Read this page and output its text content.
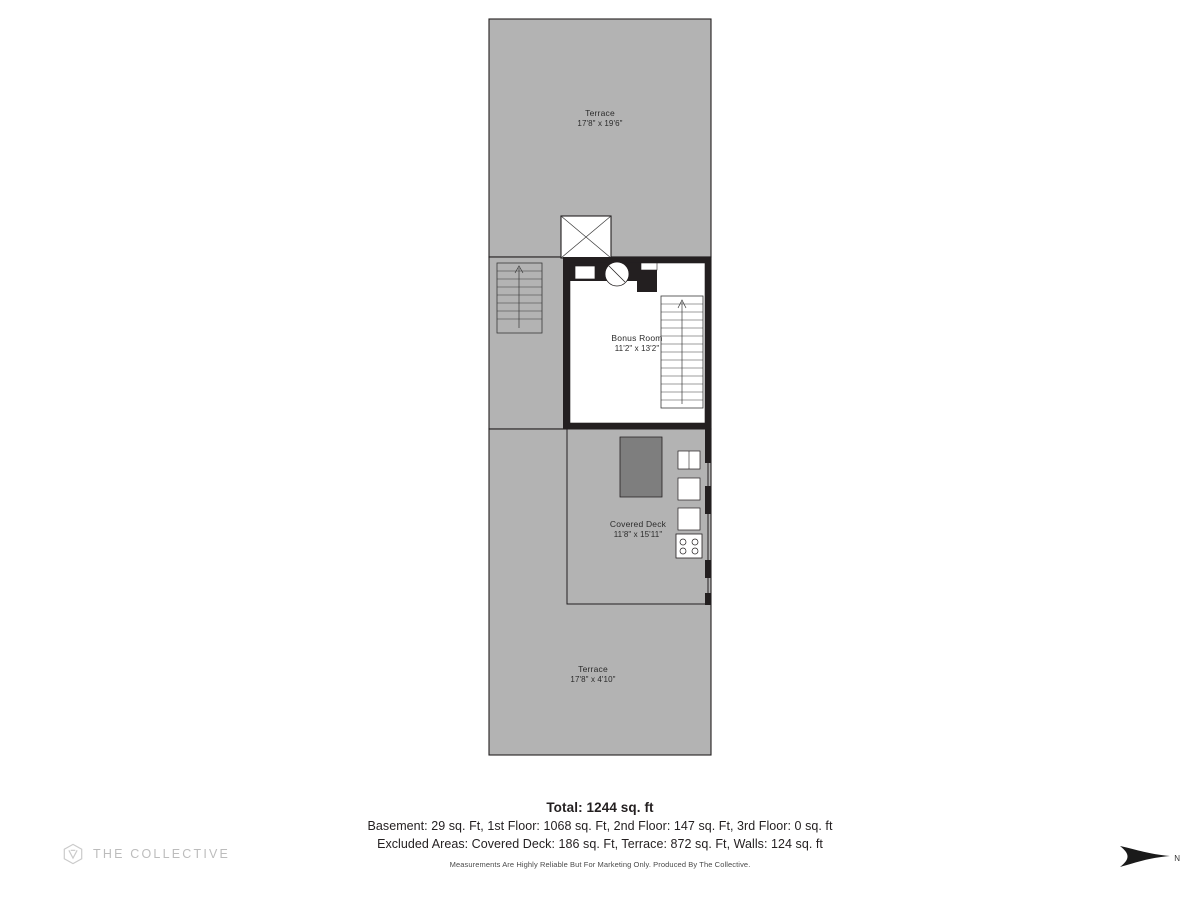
Terrace
17'8" x 19'6"
Bonus Room
11'2" x 13'2"
Covered Deck
11'8" x 15'11"
Terrace
17'8" x 4'10"
Total: 1244 sq. ft
Basement: 29 sq. Ft, 1st Floor: 1068 sq. Ft, 2nd Floor: 147 sq. Ft, 3rd Floor: 0 sq. ft
Excluded Areas: Covered Deck: 186 sq. Ft, Terrace: 872 sq. Ft, Walls: 124 sq. ft
Measurements Are Highly Reliable But For Marketing Only. Produced By The Collective.
THE COLLECTIVE	N
